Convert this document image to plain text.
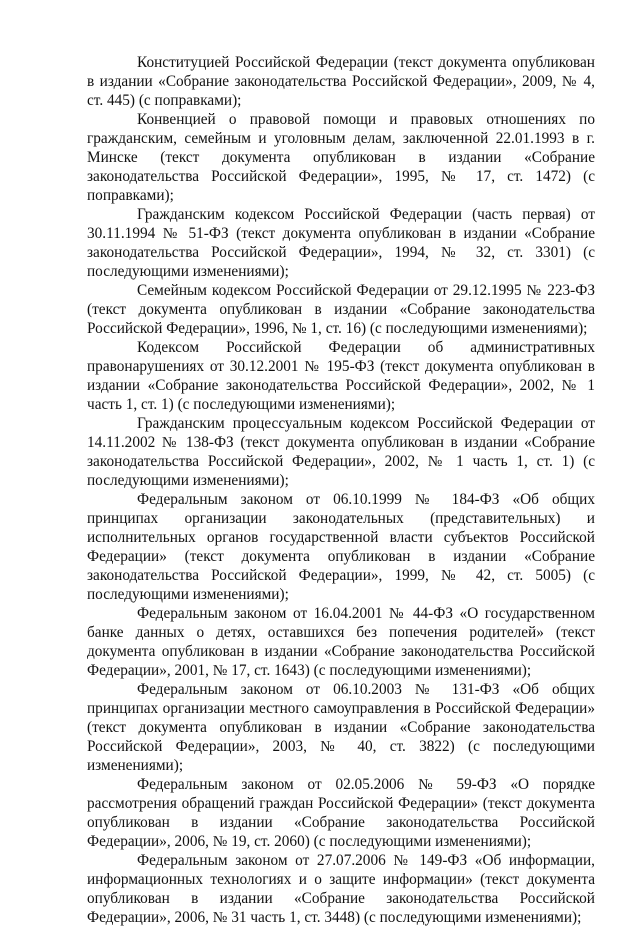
Конституцией Российской Федерации (текст документа опубликован в издании «Собрание законодательства Российской Федерации», 2009, № 4, ст. 445) (с поправками);

Конвенцией о правовой помощи и правовых отношениях по гражданским, семейным и уголовным делам, заключенной 22.01.1993 в г. Минске (текст документа опубликован в издании «Собрание законодательства Российской Федерации», 1995, № 17, ст. 1472) (с поправками);

Гражданским кодексом Российской Федерации (часть первая) от 30.11.1994 № 51-ФЗ (текст документа опубликован в издании «Собрание законодательства Российской Федерации», 1994, № 32, ст. 3301) (с последующими изменениями);

Семейным кодексом Российской Федерации от 29.12.1995 № 223-ФЗ (текст документа опубликован в издании «Собрание законодательства Российской Федерации», 1996, № 1, ст. 16) (с последующими изменениями);

Кодексом Российской Федерации об административных правонарушениях от 30.12.2001 № 195-ФЗ (текст документа опубликован в издании «Собрание законодательства Российской Федерации», 2002, № 1 часть 1, ст. 1) (с последующими изменениями);

Гражданским процессуальным кодексом Российской Федерации от 14.11.2002 № 138-ФЗ (текст документа опубликован в издании «Собрание законодательства Российской Федерации», 2002, № 1 часть 1, ст. 1) (с последующими изменениями);

Федеральным законом от 06.10.1999 № 184-ФЗ «Об общих принципах организации законодательных (представительных) и исполнительных органов государственной власти субъектов Российской Федерации» (текст документа опубликован в издании «Собрание законодательства Российской Федерации», 1999, № 42, ст. 5005) (с последующими изменениями);

Федеральным законом от 16.04.2001 № 44-ФЗ «О государственном банке данных о детях, оставшихся без попечения родителей» (текст документа опубликован в издании «Собрание законодательства Российской Федерации», 2001, № 17, ст. 1643) (с последующими изменениями);

Федеральным законом от 06.10.2003 № 131-ФЗ «Об общих принципах организации местного самоуправления в Российской Федерации» (текст документа опубликован в издании «Собрание законодательства Российской Федерации», 2003, № 40, ст. 3822) (с последующими изменениями);

Федеральным законом от 02.05.2006 № 59-ФЗ «О порядке рассмотрения обращений граждан Российской Федерации» (текст документа опубликован в издании «Собрание законодательства Российской Федерации», 2006, № 19, ст. 2060) (с последующими изменениями);

Федеральным законом от 27.07.2006 № 149-ФЗ «Об информации, информационных технологиях и о защите информации» (текст документа опубликован в издании «Собрание законодательства Российской Федерации», 2006, № 31 часть 1, ст. 3448) (с последующими изменениями);
